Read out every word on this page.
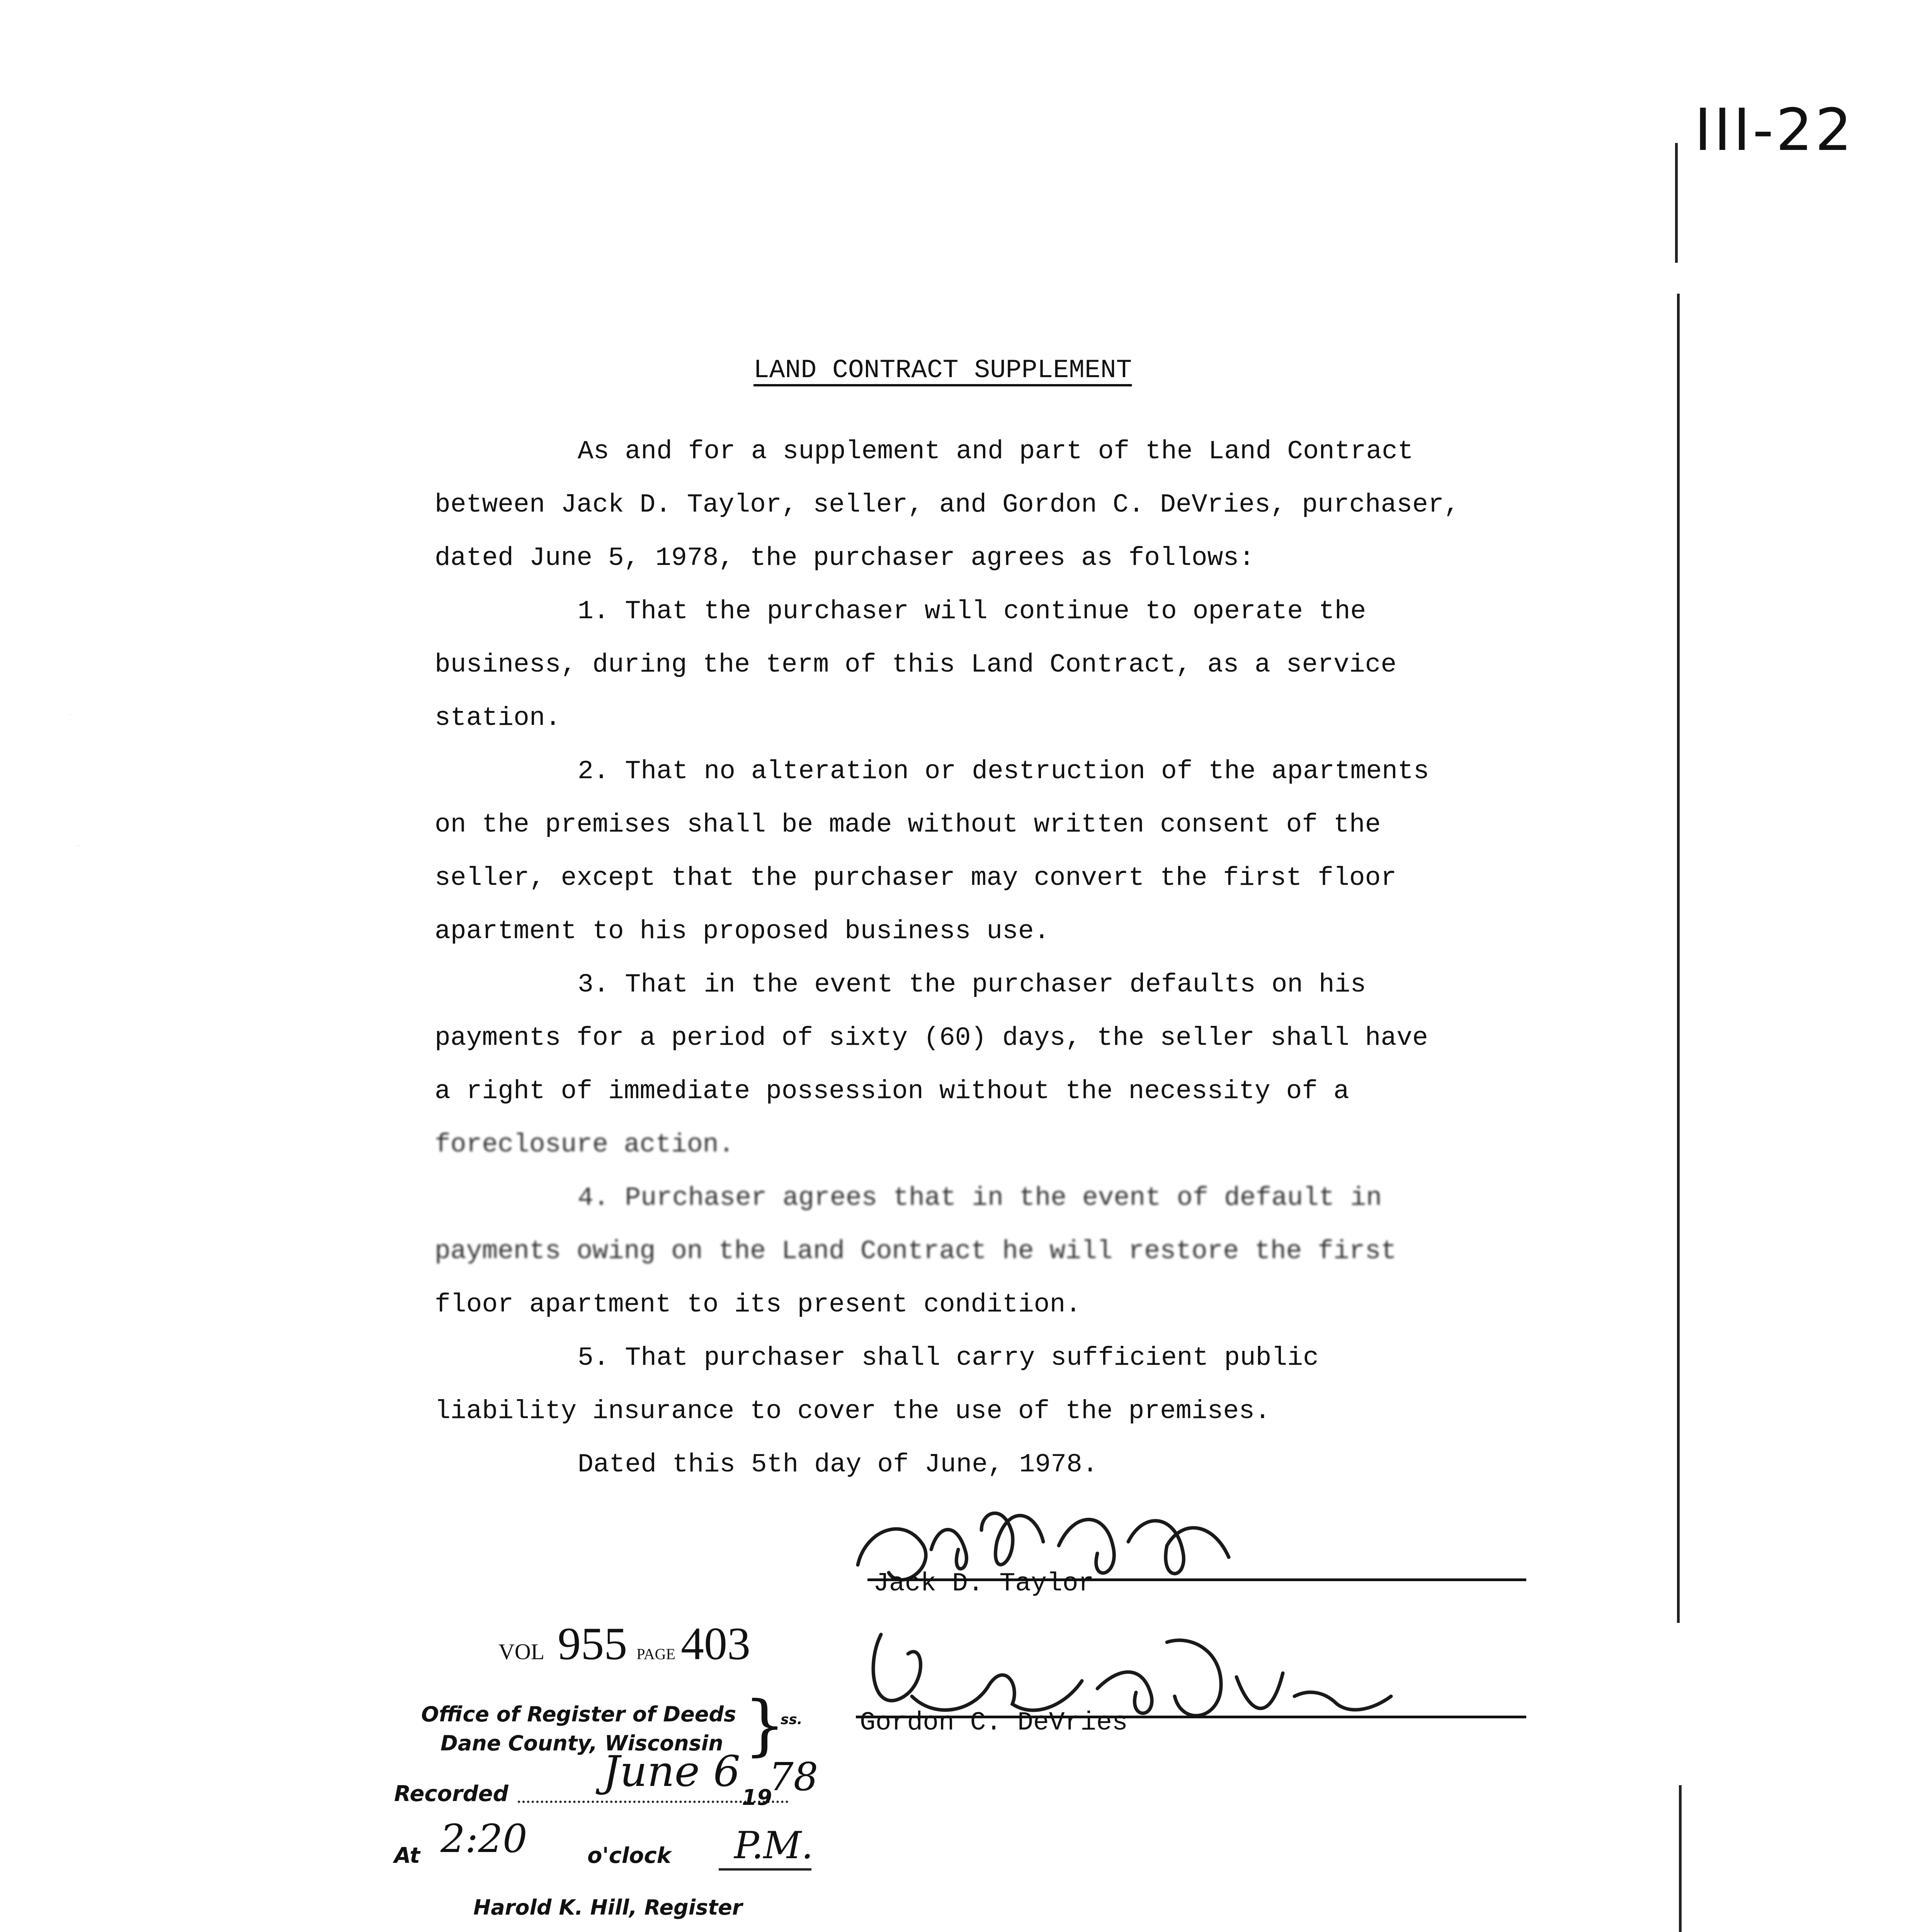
III-22
LAND CONTRACT SUPPLEMENT
As and for a supplement and part of the Land Contract
between Jack D. Taylor, seller, and Gordon C. DeVries, purchaser,
dated June 5, 1978, the purchaser agrees as follows:
1. That the purchaser will continue to operate the
business, during the term of this Land Contract, as a service
station.
2. That no alteration or destruction of the apartments
on the premises shall be made without written consent of the
seller, except that the purchaser may convert the first floor
apartment to his proposed business use.
3. That in the event the purchaser defaults on his
payments for a period of sixty (60) days, the seller shall have
a right of immediate possession without the necessity of a
foreclosure action.
4. Purchaser agrees that in the event of default in
payments owing on the Land Contract he will restore the first
floor apartment to its present condition.
5. That purchaser shall carry sufficient public
liability insurance to cover the use of the premises.
Dated this 5th day of June, 1978.
Jack D. Taylor
Jack D. Taylor
Gordon C. DeVries
Gordon C. DeVries
VOL 955 PAGE 403
Office of Register of Deeds
Dane County, Wisconsin }
ss.
Recorded June 6
19
78
At 2:20	o'clock P.M.
Harold K. Hill, Register
